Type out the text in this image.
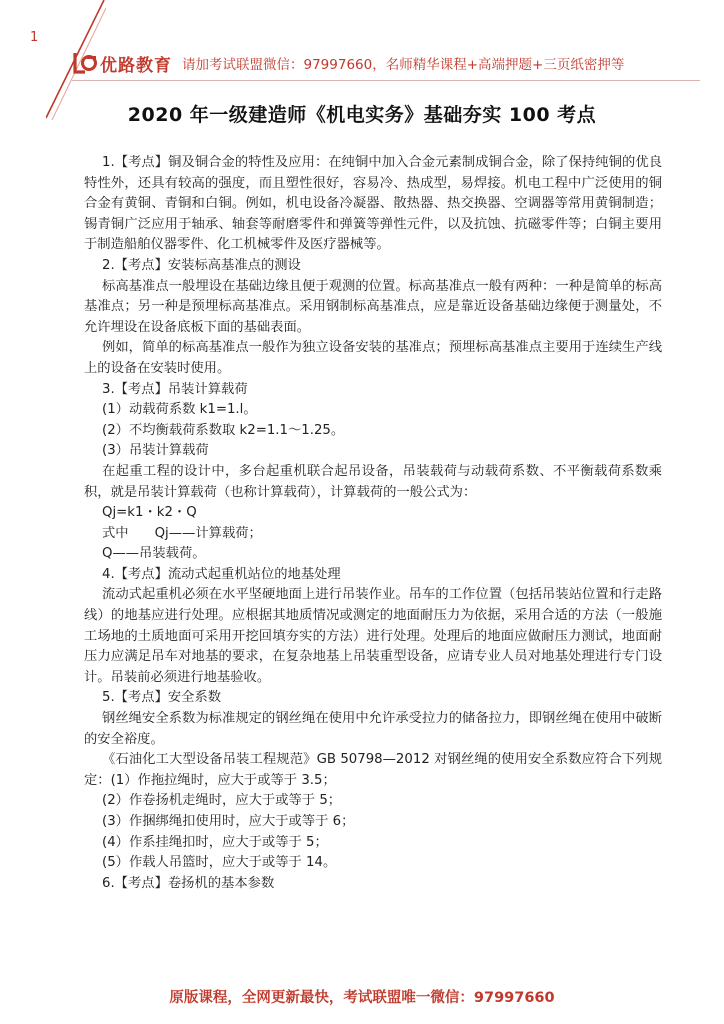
1
优路教育 请加考试联盟微信：97997660，名师精华课程+高端押题+三页纸密押等
2020 年一级建造师《机电实务》基础夯实 100 考点

1.【考点】铜及铜合金的特性及应用：在纯铜中加入合金元素制成铜合金，除了保持纯铜的优良特性外，还具有较高的强度，而且塑性很好，容易冷、热成型，易焊接。机电工程中广泛使用的铜合金有黄铜、青铜和白铜。例如，机电设备冷凝器、散热器、热交换器、空调器等常用黄铜制造；锡青铜广泛应用于轴承、轴套等耐磨零件和弹簧等弹性元件，以及抗蚀、抗磁零件等；白铜主要用于制造船舶仪器零件、化工机械零件及医疗器械等。

2.【考点】安装标高基准点的测设

标高基准点一般埋设在基础边缘且便于观测的位置。标高基准点一般有两种：一种是简单的标高基准点；另一种是预埋标高基准点。采用钢制标高基准点，应是靠近设备基础边缘便于测量处，不允许埋设在设备底板下面的基础表面。

例如，简单的标高基准点一般作为独立设备安装的基准点；预埋标高基准点主要用于连续生产线上的设备在安装时使用。

3.【考点】吊装计算载荷

(1）动载荷系数 k1=1.l。

(2）不均衡载荷系数取 k2=1.1～1.25。

(3）吊装计算载荷

在起重工程的设计中，多台起重机联合起吊设备，吊装载荷与动载荷系数、不平衡载荷系数乘积，就是吊装计算载荷（也称计算载荷），计算载荷的一般公式为：

Qj=k1・k2・Q

式中 Qj——计算载荷；

Q——吊装载荷。

4.【考点】流动式起重机站位的地基处理

流动式起重机必须在水平坚硬地面上进行吊装作业。吊车的工作位置（包括吊装站位置和行走路线）的地基应进行处理。应根据其地质情况或测定的地面耐压力为依据，采用合适的方法（一般施工场地的土质地面可采用开挖回填夯实的方法）进行处理。处理后的地面应做耐压力测试，地面耐压力应满足吊车对地基的要求，在复杂地基上吊装重型设备，应请专业人员对地基处理进行专门设计。吊装前必须进行地基验收。

5.【考点】安全系数

钢丝绳安全系数为标准规定的钢丝绳在使用中允许承受拉力的储备拉力，即钢丝绳在使用中破断的安全裕度。

《石油化工大型设备吊装工程规范》GB 50798—2012 对钢丝绳的使用安全系数应符合下列规定：(1）作拖拉绳时，应大于或等于 3.5；

(2）作卷扬机走绳时，应大于或等于 5；

(3）作捆绑绳扣使用时，应大于或等于 6；

(4）作系挂绳扣时，应大于或等于 5；

(5）作载人吊篮时，应大于或等于 14。

6.【考点】卷扬机的基本参数

原版课程，全网更新最快，考试联盟唯一微信：97997660
